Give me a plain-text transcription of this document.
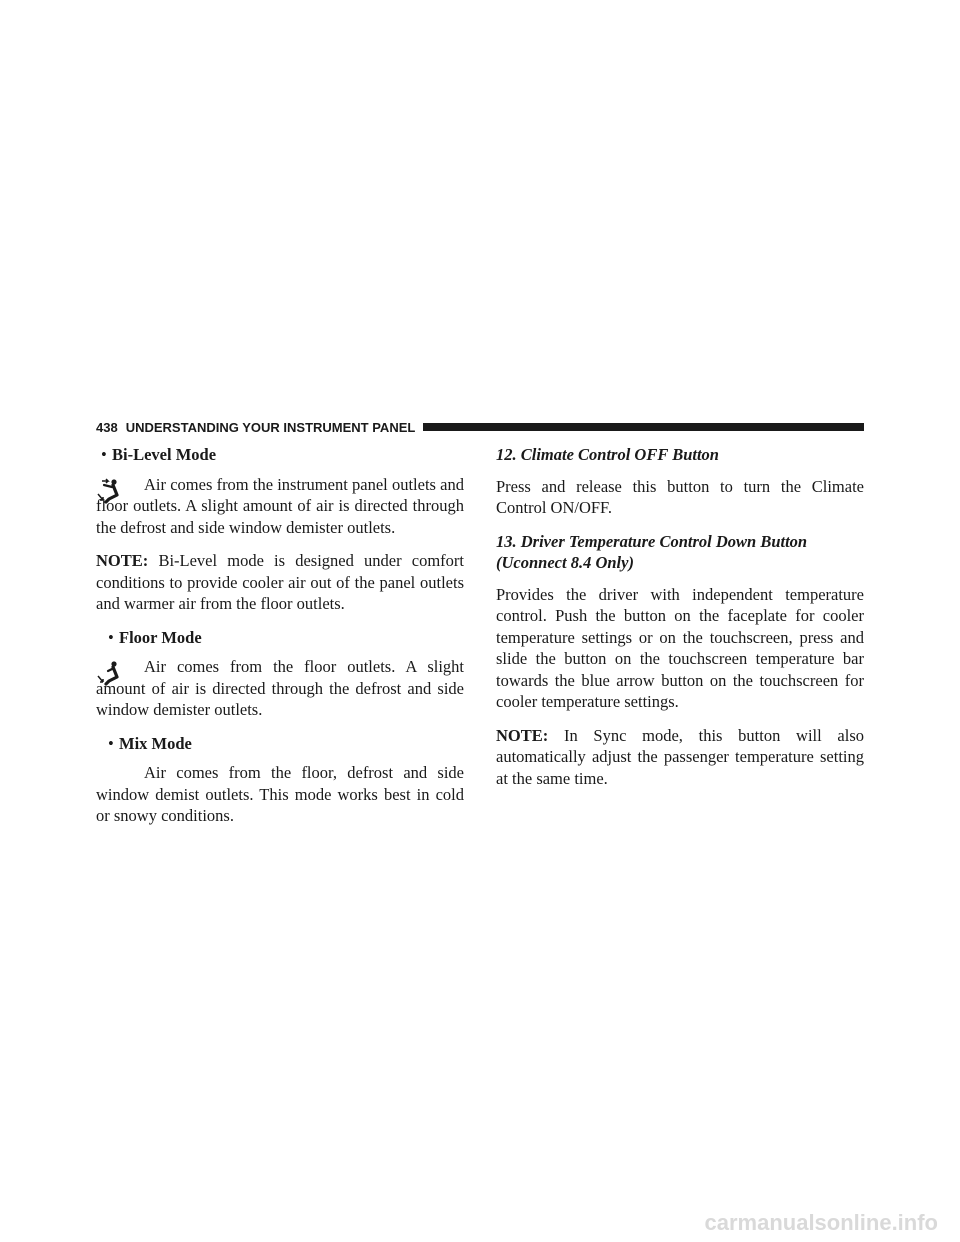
438 UNDERSTANDING YOUR INSTRUMENT PANEL
• Bi-Level Mode

Air comes from the instrument panel outlets and floor outlets. A slight amount of air is directed through the defrost and side window demister outlets.

NOTE: Bi-Level mode is designed under comfort conditions to provide cooler air out of the panel outlets and warmer air from the floor outlets.

• Floor Mode

Air comes from the floor outlets. A slight amount of air is directed through the defrost and side window demister outlets.

• Mix Mode

Air comes from the floor, defrost and side window demist outlets. This mode works best in cold or snowy conditions.

12. Climate Control OFF Button

Press and release this button to turn the Climate Control ON/OFF.

13. Driver Temperature Control Down Button (Uconnect 8.4 Only)

Provides the driver with independent temperature control. Push the button on the faceplate for cooler temperature settings or on the touchscreen, press and slide the button on the touchscreen temperature bar towards the blue arrow button on the touchscreen for cooler temperature settings.

NOTE: In Sync mode, this button will also automatically adjust the passenger temperature setting at the same time.

carmanualsonline.info
